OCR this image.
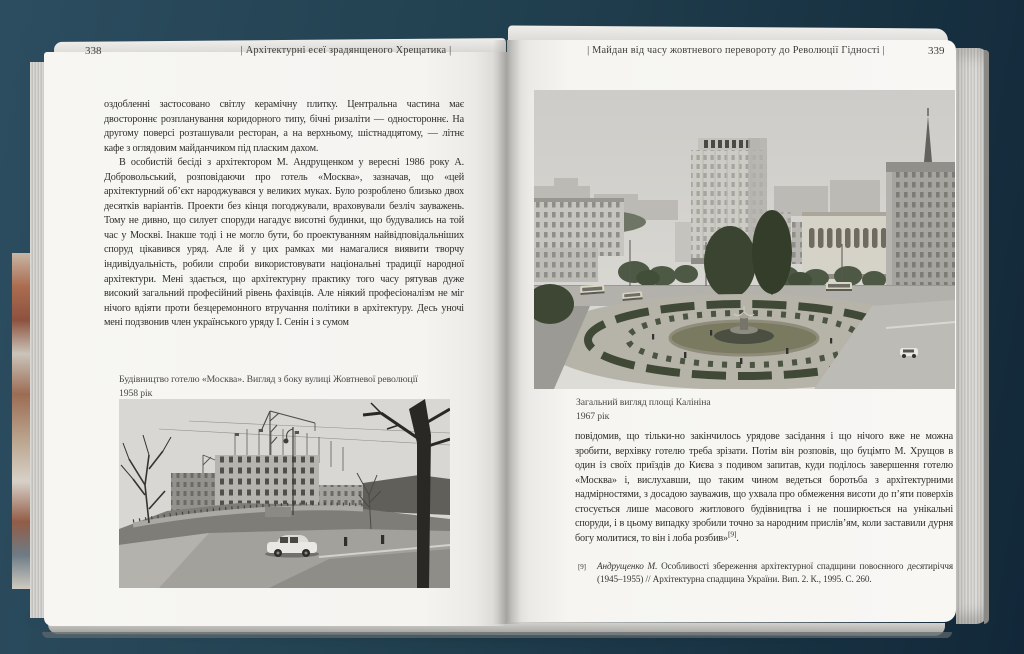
338	| Архітектурні есеї зрадянщеного Хрещатика |

оздобленні застосовано світлу керамічну плитку. Центральна частина має двостороннє розпланування коридорного типу, бічні ризаліти — одностороннє. На другому поверсі розташували ресторан, а на верхньому, шістнадцятому, — літнє кафе з оглядовим майданчиком під пласким дахом.

В особистій бесіді з архітектором М. Андрущенком у вересні 1986 року А. Добровольський, розповідаючи про готель «Москва», зазначав, що «цей архітектурний об’єкт народжувався у великих муках. Було розроблено близько двох десятків варіантів. Проекти без кінця погоджували, враховували безліч зауважень. Тому не дивно, що силует споруди нагадує висотні будинки, що будувались на той час у Москві. Інакше тоді і не могло бути, бо проектуванням найвідповідальніших споруд цікавився уряд. Але й у цих рамках ми намагалися виявити творчу індивідуальність, робили спроби використовувати національні традиції народної архітектури. Мені здається, що архітектурну практику того часу рятував дуже високий загальний професійний рівень фахівців. Але ніякий професіоналізм не міг нічого вдіяти проти безцеремонного втручання політики в архітектуру. Десь уночі мені подзвонив член українського уряду І. Сенін і з сумом

Будівництво готелю «Москва». Вигляд з боку вулиці Жовтневої революції
1958 рік
| Майдан від часу жовтневого перевороту до Революції Гідності |	339
Загальний вигляд площі Калініна
1967 рік

повідомив, що тільки-но закінчилось урядове засідання і що нічого вже не можна зробити, верхівку готелю треба зрізати. Потім він розповів, що буцімто М. Хрущов в один із своїх приїздів до Києва з подивом запитав, куди поділось завершення готелю «Москва» і, вислухавши, що таким чином ведеться боротьба з архітектурними надмірностями, з досадою зауважив, що ухвала про обмеження висоти до п’яти поверхів стосується лише масового житлового будівництва і не поширюється на унікальні споруди, і в цьому випадку зробили точно за народним прислів’ям, коли заставили дурня богу молитися, то він і лоба розбив»[9].

[9] Андрущенко М. Особливості збереження архітектурної спадщини повоєнного десятиріччя (1945–1955) // Архітектурна спадщина України. Вип. 2. К., 1995. С. 260.
